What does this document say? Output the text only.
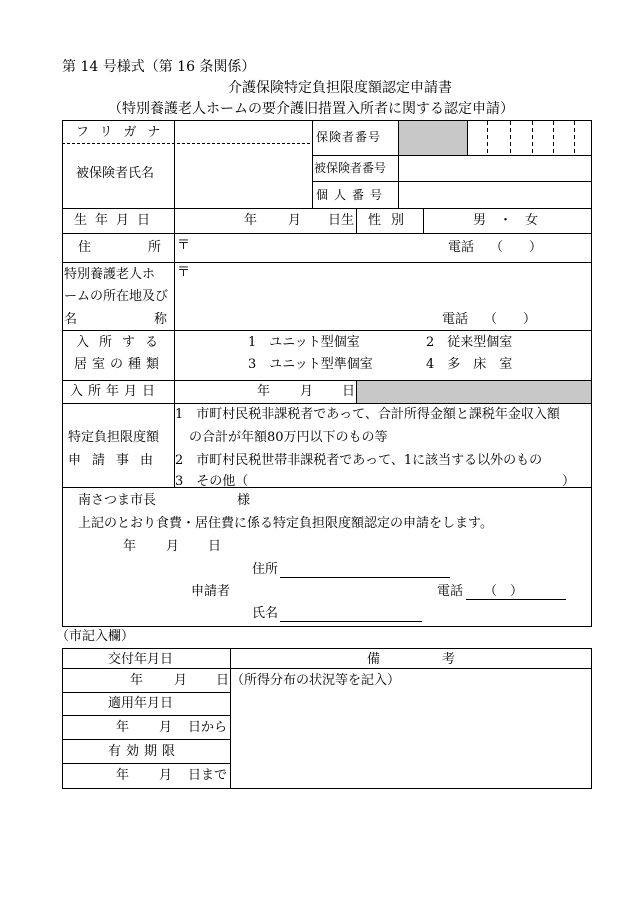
第 14 号様式（第 16 条関係）
介護保険特定負担限度額認定申請書
（特別養護老人ホームの要介護旧措置入所者に関する認定申請）
フリガナ
被保険者氏名
保険者番号
被保険者番号
個人番号
生年月日	年 月 日生 性別	男　・　女
住	所 〒	電話 （　　）
特別養護老人ホ
ームの所在地及び
名	称
〒
電話 （　　）
入所する
居室の種類
1　ユニット型個室	2　従来型個室
3　ユニット型準個室	4　多　床　室
入所年月日	年 月 日
特定負担限度額
申請事由
1　市町村民税非課税者であって、合計所得金額と課税年金収入額
の合計が年額80万円以下のもの等
2　市町村民税世帯非課税者であって、1に該当する以外のもの
3　その他（	）
南さつま市長	様
上記のとおり食費・居住費に係る特定負担限度額認定の申請をします。
年 月 日
住所
申請者	電話 （　）
氏名
（市記入欄）
交付年月日	備	考
年 月 日 （所得分布の状況等を記入）
適用年月日
年 月 日から
有効期限
年 月 日まで
